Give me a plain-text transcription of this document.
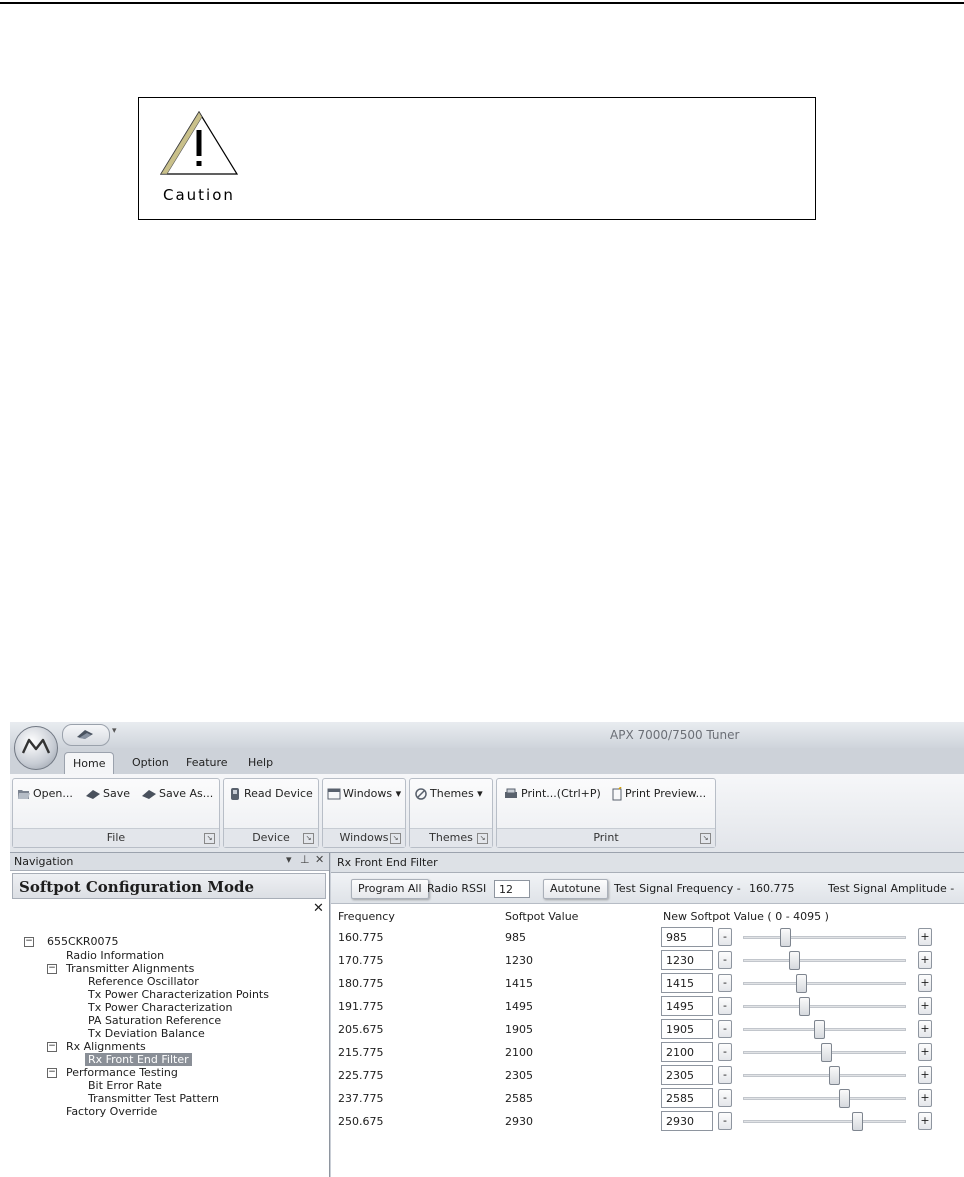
Caution
▾	APX 7000/7500 Tuner
Home	Option	Feature	Help
Open...	Save	Save As...
File	↘
Read Device
Device	↘
Windows ▾
Windows ↘
Themes ▾
Themes ↘
Print...(Ctrl+P)	Print Preview...
Print	↘
Navigation	▾ ⊥ ✕
Softpot Configuration Mode
✕
− 655CKR0075
Radio Information
− Transmitter Alignments
Reference Oscillator
Tx Power Characterization Points
Tx Power Characterization
PA Saturation Reference
Tx Deviation Balance
− Rx Alignments
Rx Front End Filter
− Performance Testing
Bit Error Rate
Transmitter Test Pattern
Factory Override
Rx Front End Filter
Program All Radio RSSI	12	Autotune	Test Signal Frequency - 160.775	Test Signal Amplitude -
Frequency	Softpot Value	New Softpot Value ( 0 - 4095 )
160.775	985	985	-	+
170.775	1230	1230	-	+
180.775	1415	1415	-	+
191.775	1495	1495	-	+
205.675	1905	1905	-	+
215.775	2100	2100	-	+
225.775	2305	2305	-	+
237.775	2585	2585	-	+
250.675	2930	2930	-	+
